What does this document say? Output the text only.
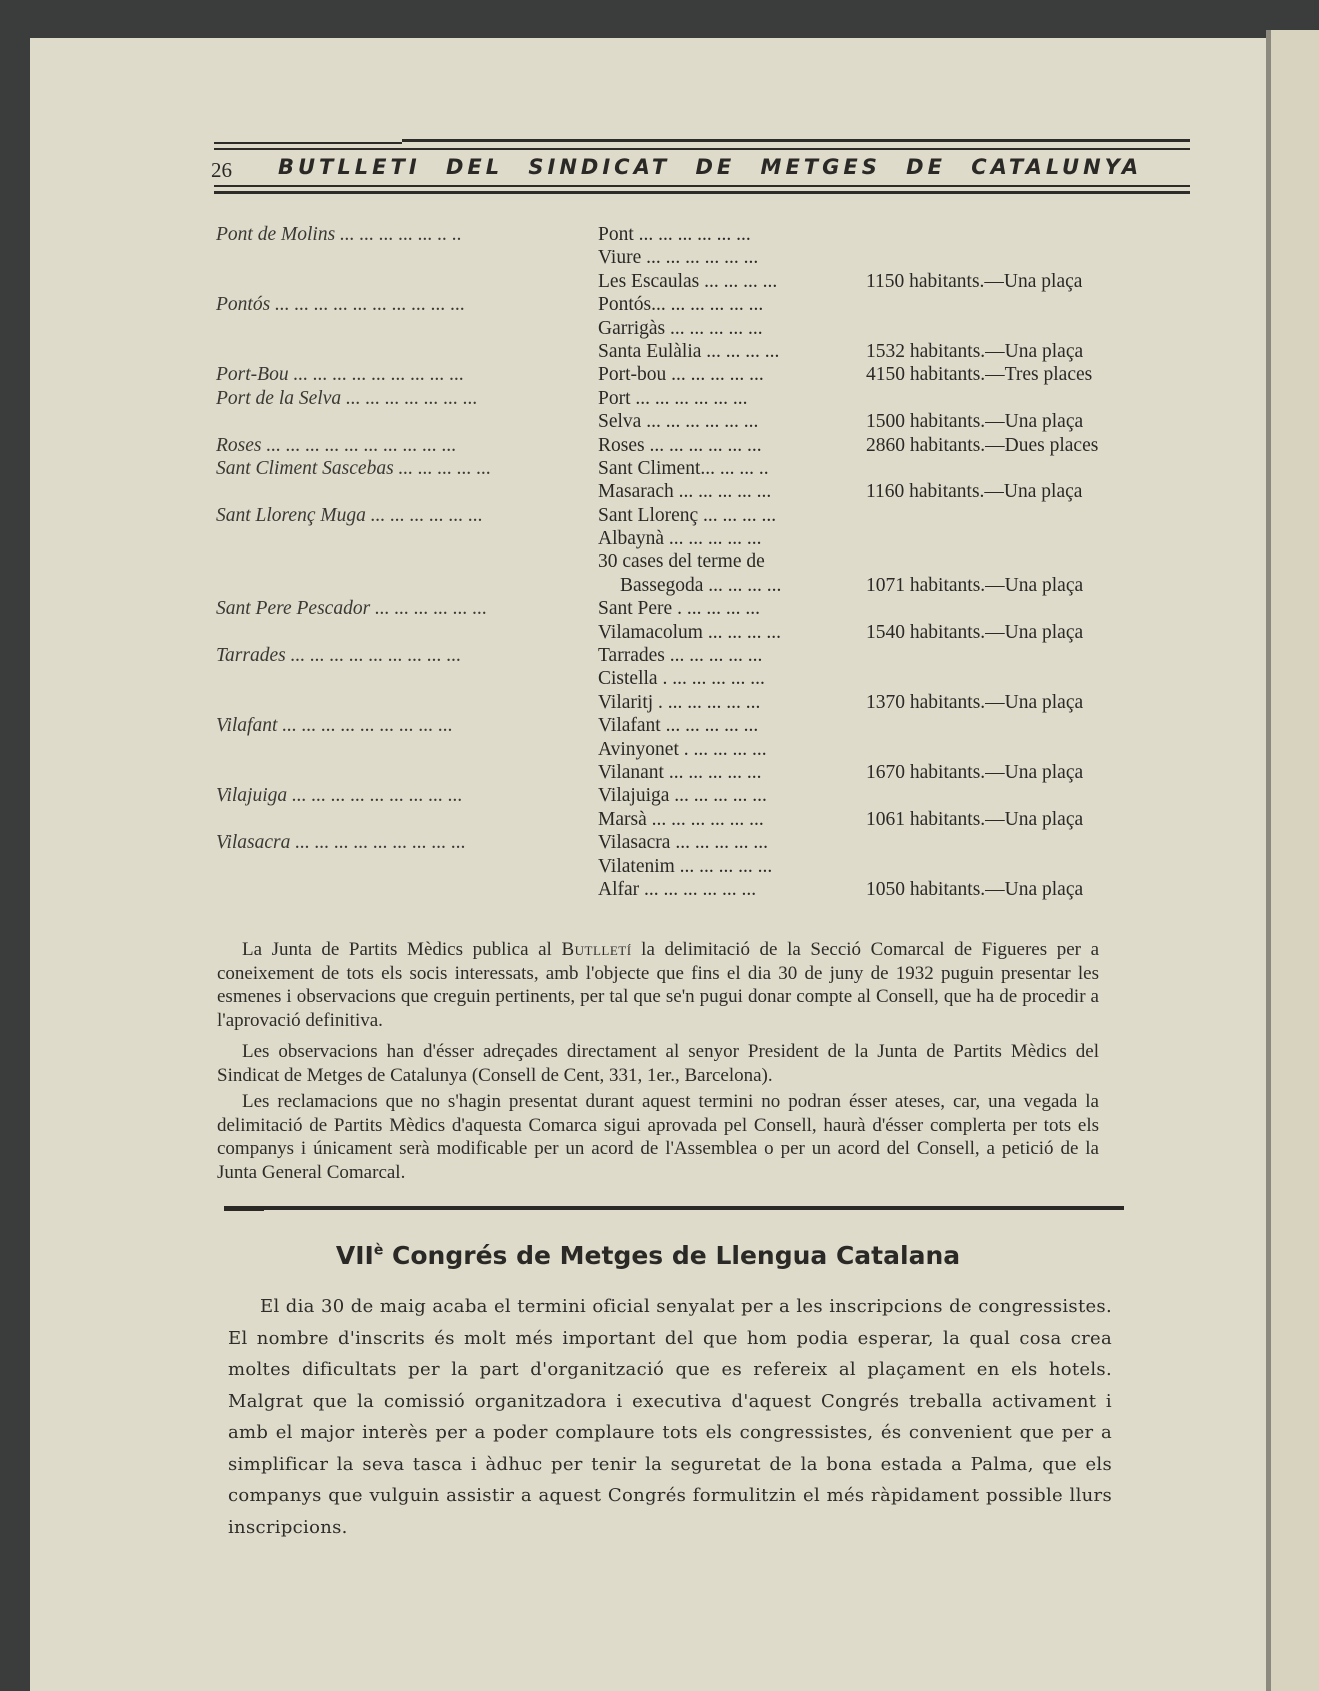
26 BUTLLETI DEL SINDICAT DE METGES DE CATALUNYA
Pont de Molins ... ... ... ... ... .. ..	Pont ... ... ... ... ... ...
Viure ... ... ... ... ... ...
Les Escaulas ... ... ... ...	1150 habitants.—Una plaça
Pontós ... ... ... ... ... ... ... ... ... ...	Pontós... ... ... ... ... ...
Garrigàs ... ... ... ... ...
Santa Eulàlia ... ... ... ...	1532 habitants.—Una plaça
Port-Bou ... ... ... ... ... ... ... ... ...	Port-bou ... ... ... ... ...	4150 habitants.—Tres places
Port de la Selva ... ... ... ... ... ... ...	Port ... ... ... ... ... ...
Selva ... ... ... ... ... ...	1500 habitants.—Una plaça
Roses ... ... ... ... ... ... ... ... ... ...	Roses ... ... ... ... ... ...	2860 habitants.—Dues places
Sant Climent Sascebas ... ... ... ... ...	Sant Climent... ... ... ..
Masarach ... ... ... ... ...	1160 habitants.—Una plaça
Sant Llorenç Muga ... ... ... ... ... ...	Sant Llorenç ... ... ... ...
Albaynà ... ... ... ... ...
30 cases del terme de
Bassegoda ... ... ... ...	1071 habitants.—Una plaça
Sant Pere Pescador ... ... ... ... ... ...	Sant Pere . ... ... ... ...
Vilamacolum ... ... ... ...	1540 habitants.—Una plaça
Tarrades ... ... ... ... ... ... ... ... ...	Tarrades ... ... ... ... ...
Cistella . ... ... ... ... ...
Vilaritj . ... ... ... ... ...	1370 habitants.—Una plaça
Vilafant ... ... ... ... ... ... ... ... ...	Vilafant ... ... ... ... ...
Avinyonet . ... ... ... ...
Vilanant ... ... ... ... ...	1670 habitants.—Una plaça
Vilajuiga ... ... ... ... ... ... ... ... ...	Vilajuiga ... ... ... ... ...
Marsà ... ... ... ... ... ...	1061 habitants.—Una plaça
Vilasacra ... ... ... ... ... ... ... ... ...	Vilasacra ... ... ... ... ...
Vilatenim ... ... ... ... ...
Alfar ... ... ... ... ... ...	1050 habitants.—Una plaça

La Junta de Partits Mèdics publica al Butlletí la delimitació de la Secció Comarcal de Figueres per a coneixement de tots els socis interessats, amb l'objecte que fins el dia 30 de juny de 1932 puguin presentar les esmenes i observacions que creguin pertinents, per tal que se'n pugui donar compte al Consell, que ha de procedir a l'aprovació definitiva.

Les observacions han d'ésser adreçades directament al senyor President de la Junta de Partits Mèdics del Sindicat de Metges de Catalunya (Consell de Cent, 331, 1er., Barcelona).

Les reclamacions que no s'hagin presentat durant aquest termini no podran ésser ateses, car, una vegada la delimitació de Partits Mèdics d'aquesta Comarca sigui aprovada pel Consell, haurà d'ésser complerta per tots els companys i únicament serà modificable per un acord de l'Assemblea o per un acord del Consell, a petició de la Junta General Comarcal.

$VII^è$ Congrés de Metges de Llengua Catalana

El dia 30 de maig acaba el termini oficial senyalat per a les inscripcions de congressistes. El nombre d'inscrits és molt més important del que hom podia esperar, la qual cosa crea moltes dificultats per la part d'organització que es refereix al plaçament en els hotels. Malgrat que la comissió organitzadora i executiva d'aquest Congrés treballa activament i amb el major interès per a poder complaure tots els congressistes, és convenient que per a simplificar la seva tasca i àdhuc per tenir la seguretat de la bona estada a Palma, que els companys que vulguin assistir a aquest Congrés formulitzin el més ràpidament possible llurs inscripcions.
